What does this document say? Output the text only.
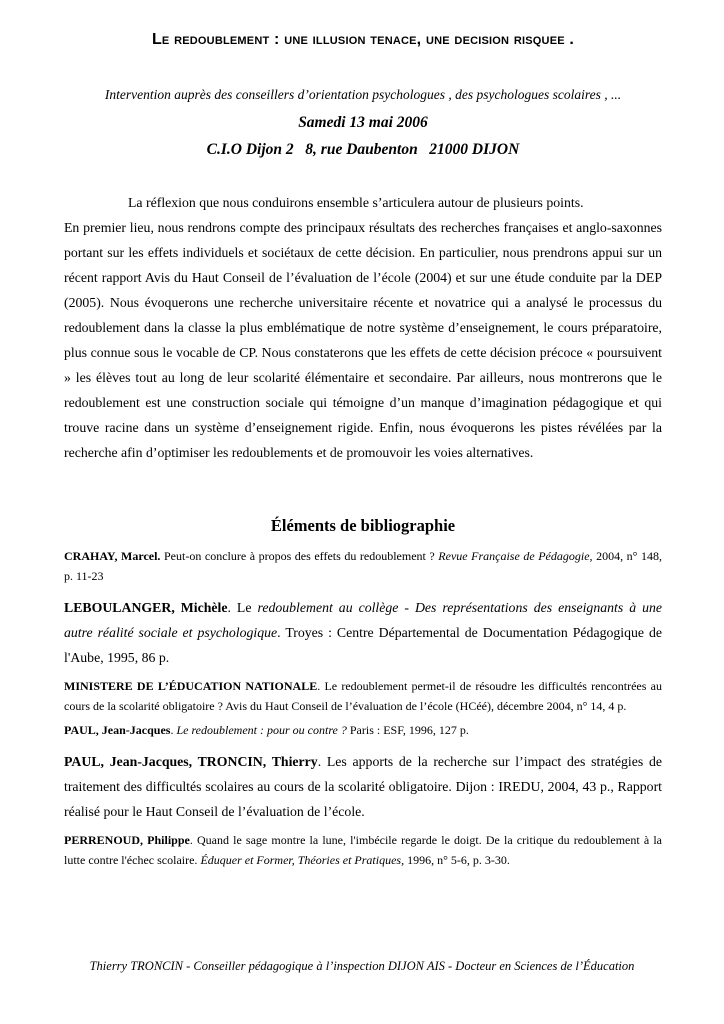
Le redoublement : une illusion tenace, une decision risquee .
Intervention auprès des conseillers d’orientation psychologues , des psychologues scolaires , ...
Samedi 13 mai 2006
C.I.O Dijon 2   8, rue Daubenton   21000 DIJON
La réflexion que nous conduirons ensemble s’articulera autour de plusieurs points.
En premier lieu, nous rendrons compte des principaux résultats des recherches françaises et anglo-saxonnes portant sur les effets individuels et sociétaux de cette décision. En particulier, nous prendrons appui sur un récent rapport Avis du Haut Conseil de l’évaluation de l’école (2004) et sur une étude conduite par la DEP (2005). Nous évoquerons une recherche universitaire récente et novatrice qui a analysé le processus du redoublement dans la classe la plus emblématique de notre système d’enseignement, le cours préparatoire, plus connue sous le vocable de CP. Nous constaterons que les effets de cette décision précoce « poursuivent » les élèves tout au long de leur scolarité élémentaire et secondaire. Par ailleurs, nous montrerons que le redoublement est une construction sociale qui témoigne d’un manque d’imagination pédagogique et qui trouve racine dans un système d’enseignement rigide. Enfin, nous évoquerons les pistes révélées par la recherche afin d’optimiser les redoublements et de promouvoir les voies alternatives.
Éléments de bibliographie
CRAHAY, Marcel. Peut-on conclure à propos des effets du redoublement ? Revue Française de Pédagogie, 2004, n° 148, p. 11-23
LEBOULANGER, Michèle. Le redoublement au collège - Des représentations des enseignants à une autre réalité sociale et psychologique. Troyes : Centre Départemental de Documentation Pédagogique de l'Aube, 1995, 86 p.
MINISTERE DE L’ÉDUCATION NATIONALE. Le redoublement permet-il de résoudre les difficultés rencontrées au cours de la scolarité obligatoire ? Avis du Haut Conseil de l’évaluation de l’école (HCéé), décembre 2004, n° 14, 4 p.
PAUL, Jean-Jacques. Le redoublement : pour ou contre ? Paris : ESF, 1996, 127 p.
PAUL, Jean-Jacques, TRONCIN, Thierry. Les apports de la recherche sur l’impact des stratégies de traitement des difficultés scolaires au cours de la scolarité obligatoire. Dijon : IREDU, 2004, 43 p., Rapport réalisé pour le Haut Conseil de l’évaluation de l’école.
PERRENOUD, Philippe. Quand le sage montre la lune, l'imbécile regarde le doigt. De la critique du redoublement à la lutte contre l'échec scolaire. Éduquer et Former, Théories et Pratiques, 1996, n° 5-6, p. 3-30.
Thierry TRONCIN - Conseiller pédagogique à l’inspection DIJON AIS - Docteur en Sciences de l’Éducation
